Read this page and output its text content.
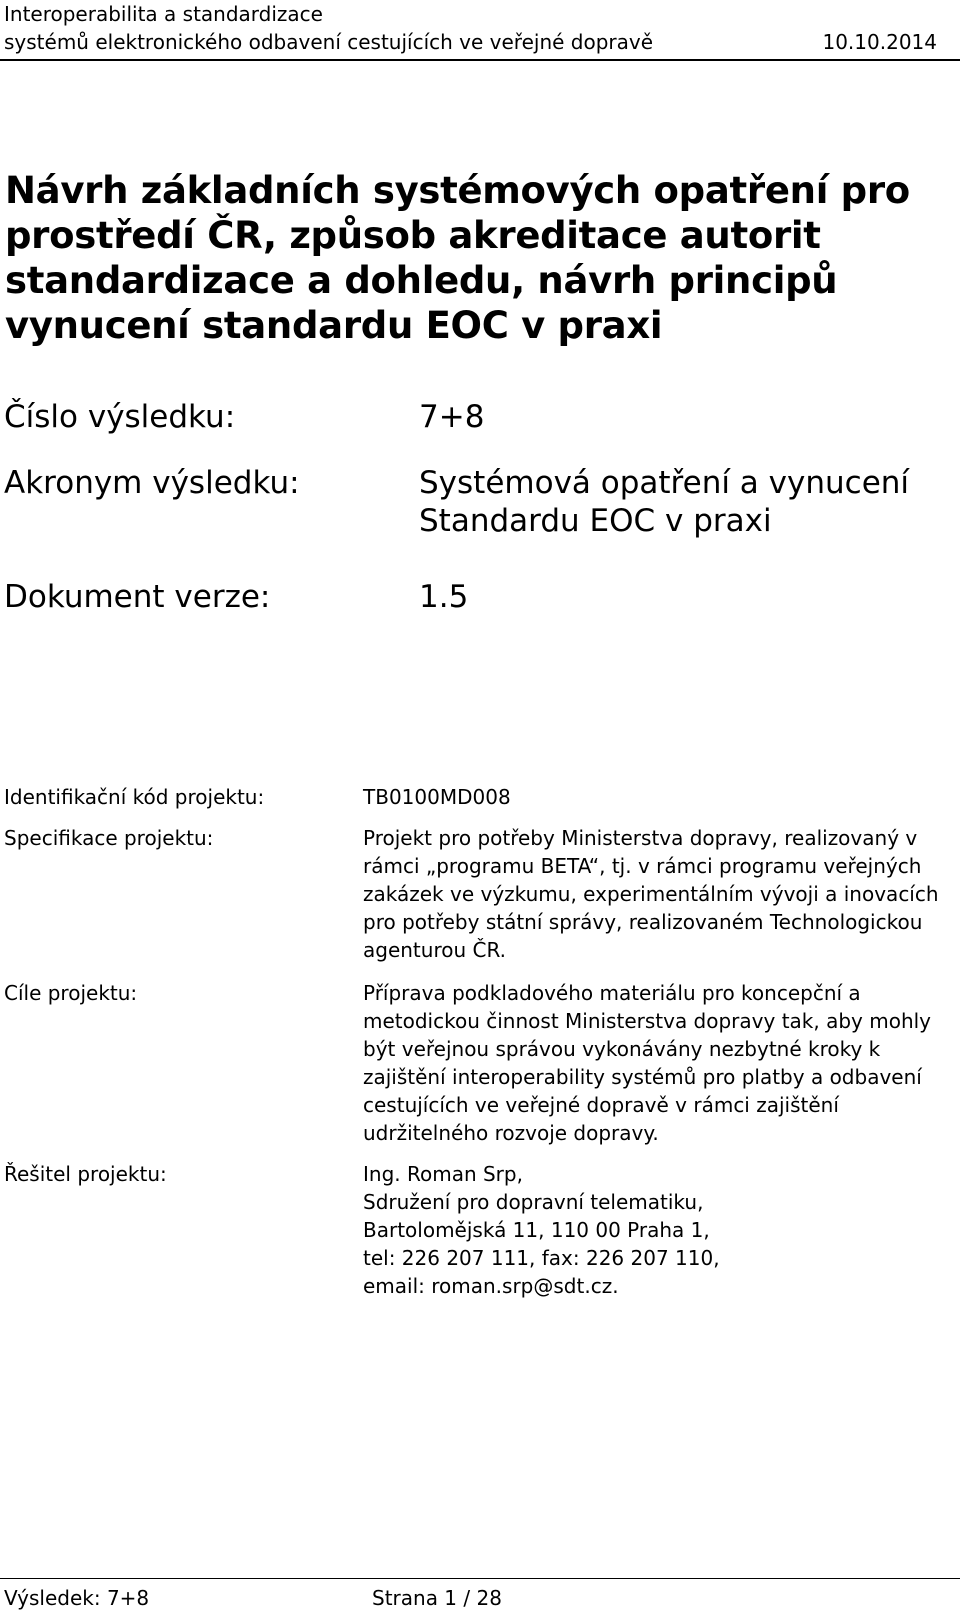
Interoperabilita a standardizace
systémů elektronického odbavení cestujících ve veřejné dopravě	10.10.2014
Návrh základních systémových opatření pro prostředí ČR, způsob akreditace autorit standardizace a dohledu, návrh principů vynucení standardu EOC v praxi
Číslo výsledku:	7+8
Akronym výsledku:	Systémová opatření a vynucení
Standardu EOC v praxi
Dokument verze:	1.5
Identifikační kód projektu:	TB0100MD008
Specifikace projektu:	Projekt pro potřeby Ministerstva dopravy, realizovaný v rámci „programu BETA“, tj. v rámci programu veřejných zakázek ve výzkumu, experimentálním vývoji a inovacích pro potřeby státní správy, realizovaném Technologickou agenturou ČR.
Cíle projektu:	Příprava podkladového materiálu pro koncepční a metodickou činnost Ministerstva dopravy tak, aby mohly být veřejnou správou vykonávány nezbytné kroky k zajištění interoperability systémů pro platby a odbavení cestujících ve veřejné dopravě v rámci zajištění udržitelného rozvoje dopravy.
Řešitel projektu:	Ing. Roman Srp,
Sdružení pro dopravní telematiku,
Bartolomějská 11, 110 00 Praha 1,
tel: 226 207 111, fax: 226 207 110,
email: roman.srp@sdt.cz.
Výsledek: 7+8	Strana 1 / 28
